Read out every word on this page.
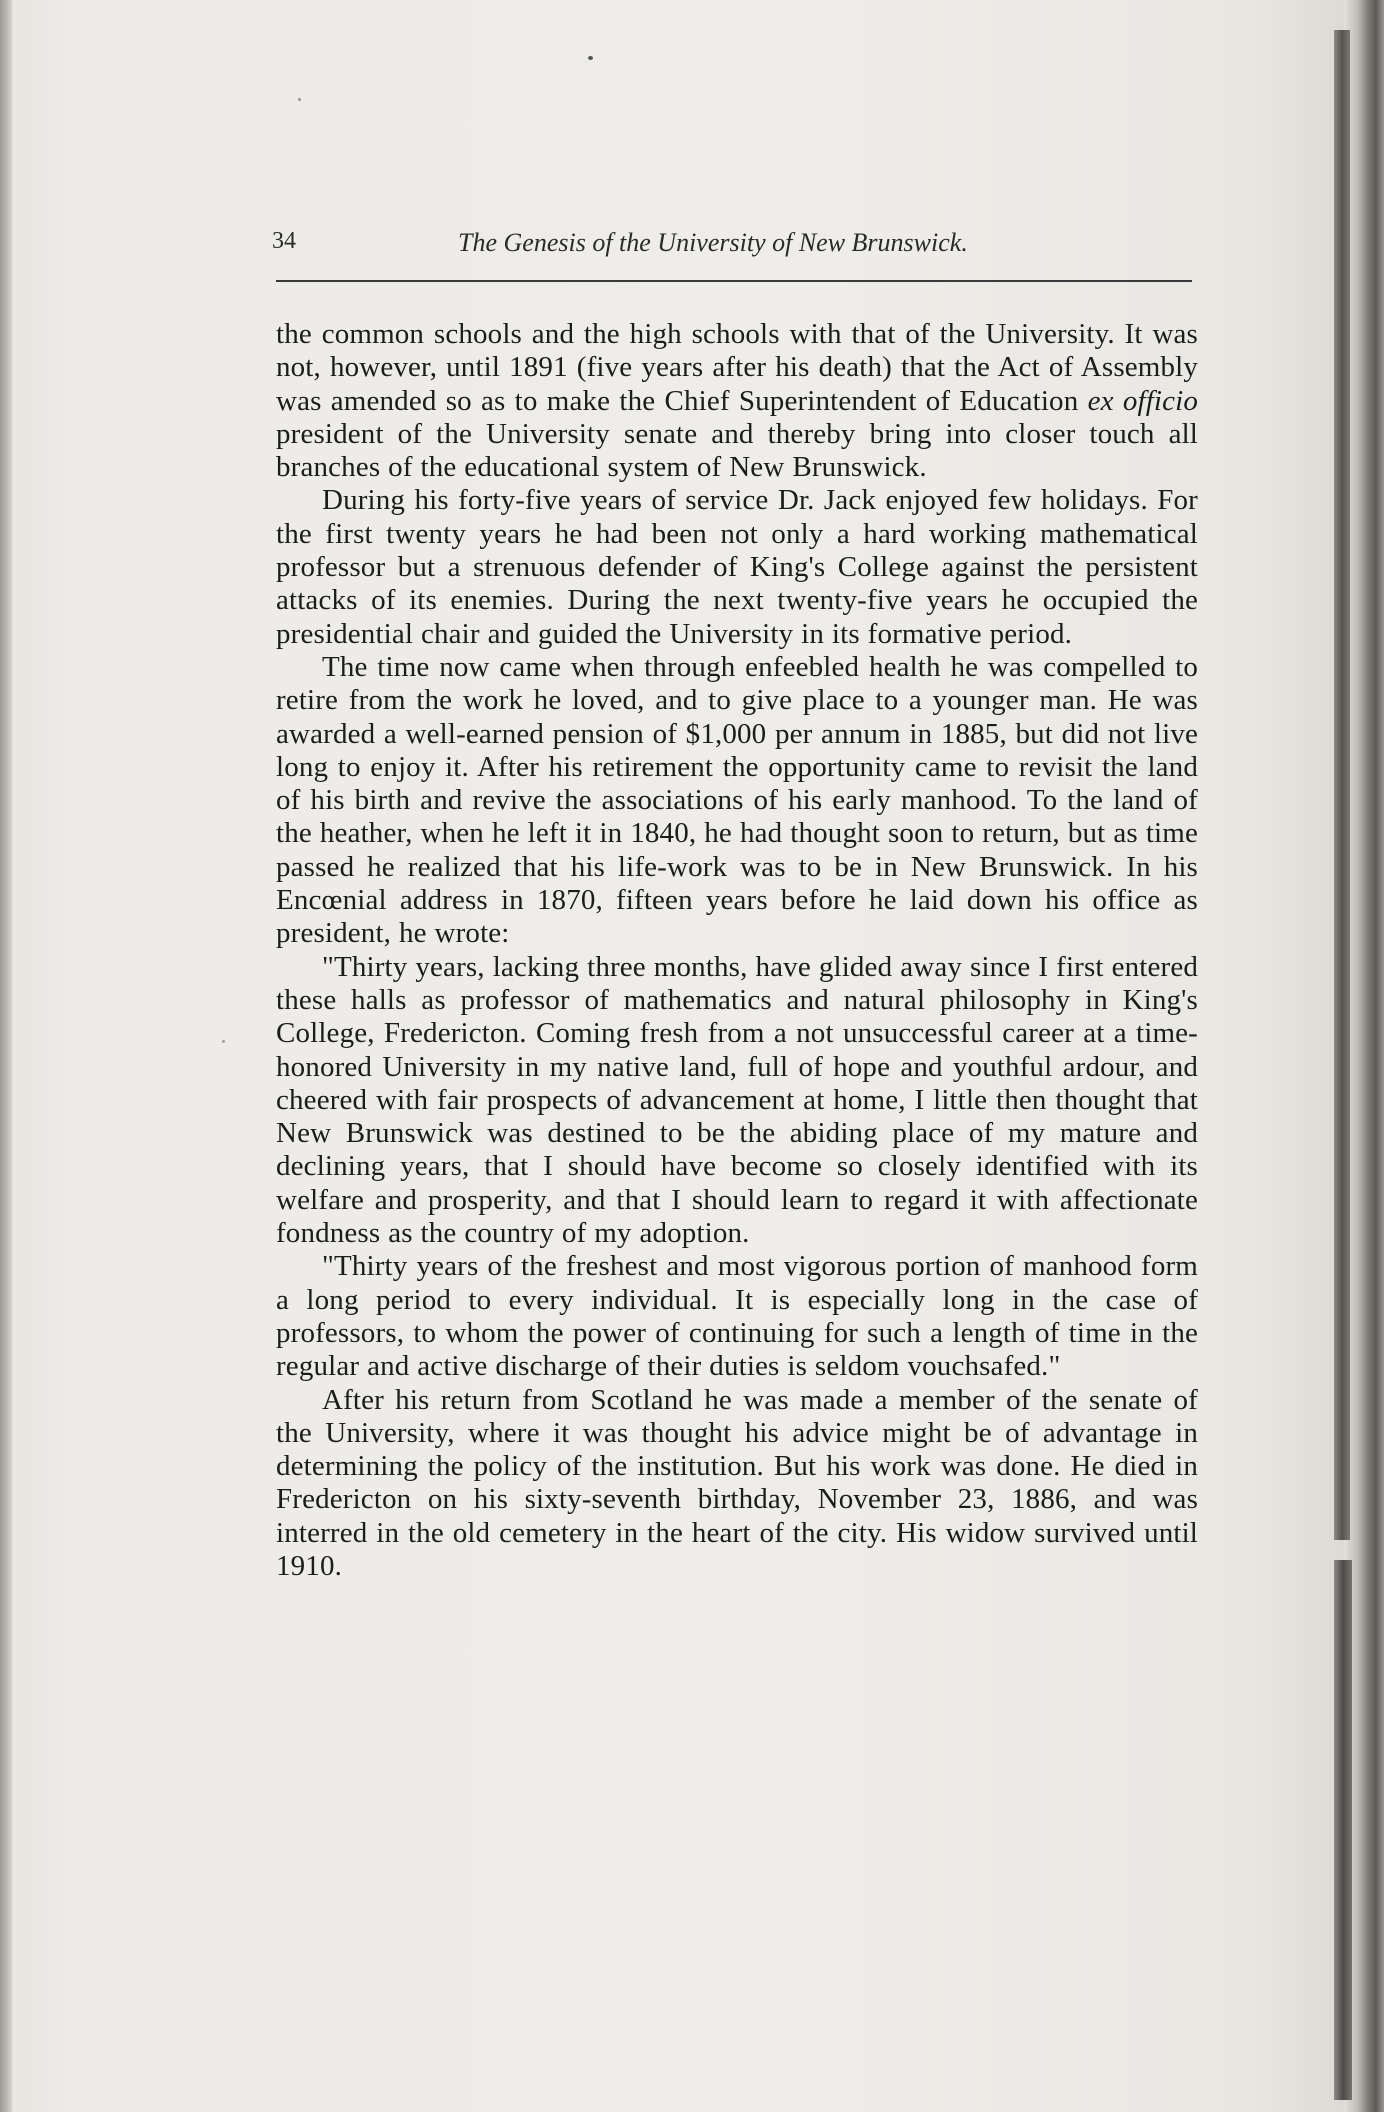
34	The Genesis of the University of New Brunswick.

the common schools and the high schools with that of the University. It was not, however, until 1891 (five years after his death) that the Act of Assembly was amended so as to make the Chief Superintendent of Education ex officio president of the University senate and thereby bring into closer touch all branches of the educational system of New Brunswick.

During his forty-five years of service Dr. Jack enjoyed few holidays. For the first twenty years he had been not only a hard working mathematical professor but a strenuous defender of King's College against the persistent attacks of its enemies. During the next twenty-five years he occupied the presidential chair and guided the University in its formative period.

The time now came when through enfeebled health he was compelled to retire from the work he loved, and to give place to a younger man. He was awarded a well-earned pension of $1,000 per annum in 1885, but did not live long to enjoy it. After his retirement the opportunity came to revisit the land of his birth and revive the associations of his early manhood. To the land of the heather, when he left it in 1840, he had thought soon to return, but as time passed he realized that his life-work was to be in New Brunswick. In his Encœnial address in 1870, fifteen years before he laid down his office as president, he wrote:

"Thirty years, lacking three months, have glided away since I first entered these halls as professor of mathematics and natural philosophy in King's College, Fredericton. Coming fresh from a not unsuccessful career at a time-honored University in my native land, full of hope and youthful ardour, and cheered with fair prospects of advancement at home, I little then thought that New Brunswick was destined to be the abiding place of my mature and declining years, that I should have become so closely identified with its welfare and prosperity, and that I should learn to regard it with affectionate fondness as the country of my adoption.

"Thirty years of the freshest and most vigorous portion of manhood form a long period to every individual. It is especially long in the case of professors, to whom the power of continuing for such a length of time in the regular and active discharge of their duties is seldom vouchsafed."

After his return from Scotland he was made a member of the senate of the University, where it was thought his advice might be of advantage in determining the policy of the institution. But his work was done. He died in Fredericton on his sixty-seventh birthday, November 23, 1886, and was interred in the old cemetery in the heart of the city. His widow survived until 1910.
